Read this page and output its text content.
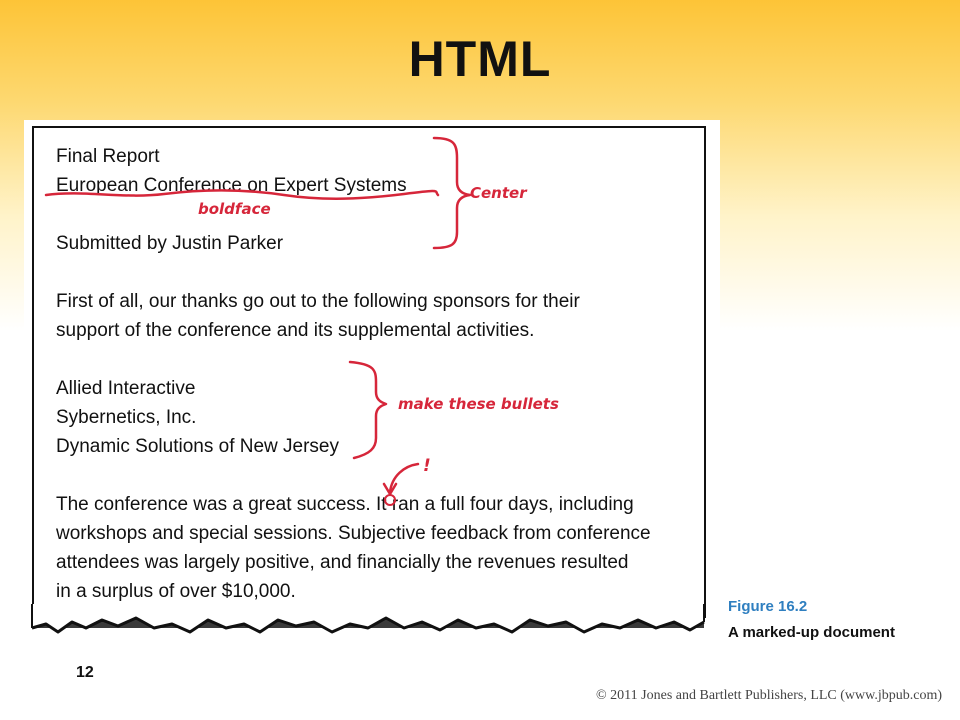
HTML
Final Report
European Conference on Expert Systems
Submitted by Justin Parker
First of all, our thanks go out to the following sponsors for their
support of the conference and its supplemental activities.
Allied Interactive
Sybernetics, Inc.
Dynamic Solutions of New Jersey
The conference was a great success. It ran a full four days, including
workshops and special sessions. Subjective feedback from conference
attendees was largely positive, and financially the revenues resulted
in a surplus of over $10,000.
boldface
Center
make these bullets
!
Figure 16.2
A marked-up document
12
© 2011 Jones and Bartlett Publishers, LLC (www.jbpub.com)
